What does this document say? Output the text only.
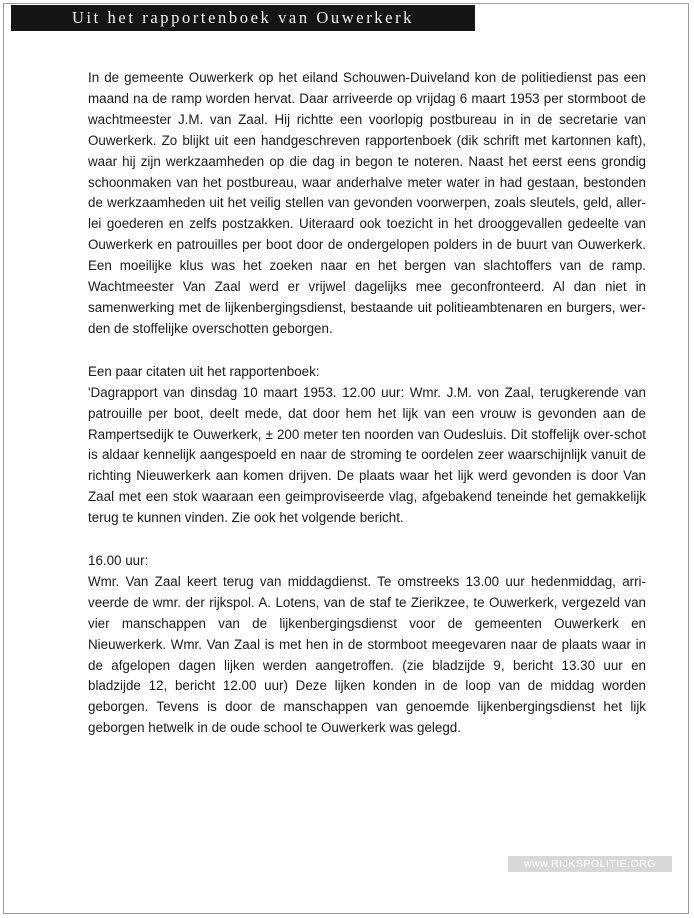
Uit het rapportenboek van Ouwerkerk

In de gemeente Ouwerkerk op het eiland Schouwen-Duiveland kon de politiedienst pas een maand na de ramp worden hervat. Daar arriveerde op vrijdag 6 maart 1953 per stormboot de wachtmeester J.M. van Zaal. Hij richtte een voorlopig postbureau in in de secretarie van Ouwerkerk. Zo blijkt uit een handgeschreven rapportenboek (dik schrift met kartonnen kaft), waar hij zijn werkzaamheden op die dag in begon te noteren. Naast het eerst eens grondig schoonmaken van het postbureau, waar anderhalve meter water in had gestaan, bestonden de werkzaamheden uit het veilig stellen van gevonden voorwerpen, zoals sleutels, geld, aller-lei goederen en zelfs postzakken. Uiteraard ook toezicht in het drooggevallen gedeelte van Ouwerkerk en patrouilles per boot door de ondergelopen polders in de buurt van Ouwerkerk. Een moeilijke klus was het zoeken naar en het bergen van slachtoffers van de ramp. Wachtmeester Van Zaal werd er vrijwel dagelijks mee geconfronteerd. Al dan niet in samenwerking met de lijkenbergingsdienst, bestaande uit politieambtenaren en burgers, wer-den de stoffelijke overschotten geborgen.

Een paar citaten uit het rapportenboek:

'Dagrapport van dinsdag 10 maart 1953. 12.00 uur: Wmr. J.M. von Zaal, terugkerende van patrouille per boot, deelt mede, dat door hem het lijk van een vrouw is gevonden aan de Rampertsedijk te Ouwerkerk, ± 200 meter ten noorden van Oudesluis. Dit stoffelijk over-schot is aldaar kennelijk aangespoeld en naar de stroming te oordelen zeer waarschijnlijk vanuit de richting Nieuwerkerk aan komen drijven. De plaats waar het lijk werd gevonden is door Van Zaal met een stok waaraan een geimproviseerde vlag, afgebakend teneinde het gemakkelijk terug te kunnen vinden. Zie ook het volgende bericht.

16.00 uur:

Wmr. Van Zaal keert terug van middagdienst. Te omstreeks 13.00 uur hedenmiddag, arri-veerde de wmr. der rijkspol. A. Lotens, van de staf te Zierikzee, te Ouwerkerk, vergezeld van vier manschappen van de lijkenbergingsdienst voor de gemeenten Ouwerkerk en Nieuwerkerk. Wmr. Van Zaal is met hen in de stormboot meegevaren naar de plaats waar in de afgelopen dagen lijken werden aangetroffen. (zie bladzijde 9, bericht 13.30 uur en bladzijde 12, bericht 12.00 uur) Deze lijken konden in de loop van de middag worden geborgen. Tevens is door de manschappen van genoemde lijkenbergingsdienst het lijk geborgen hetwelk in de oude school te Ouwerkerk was gelegd.

www.RIJKSPOLITIE.ORG
